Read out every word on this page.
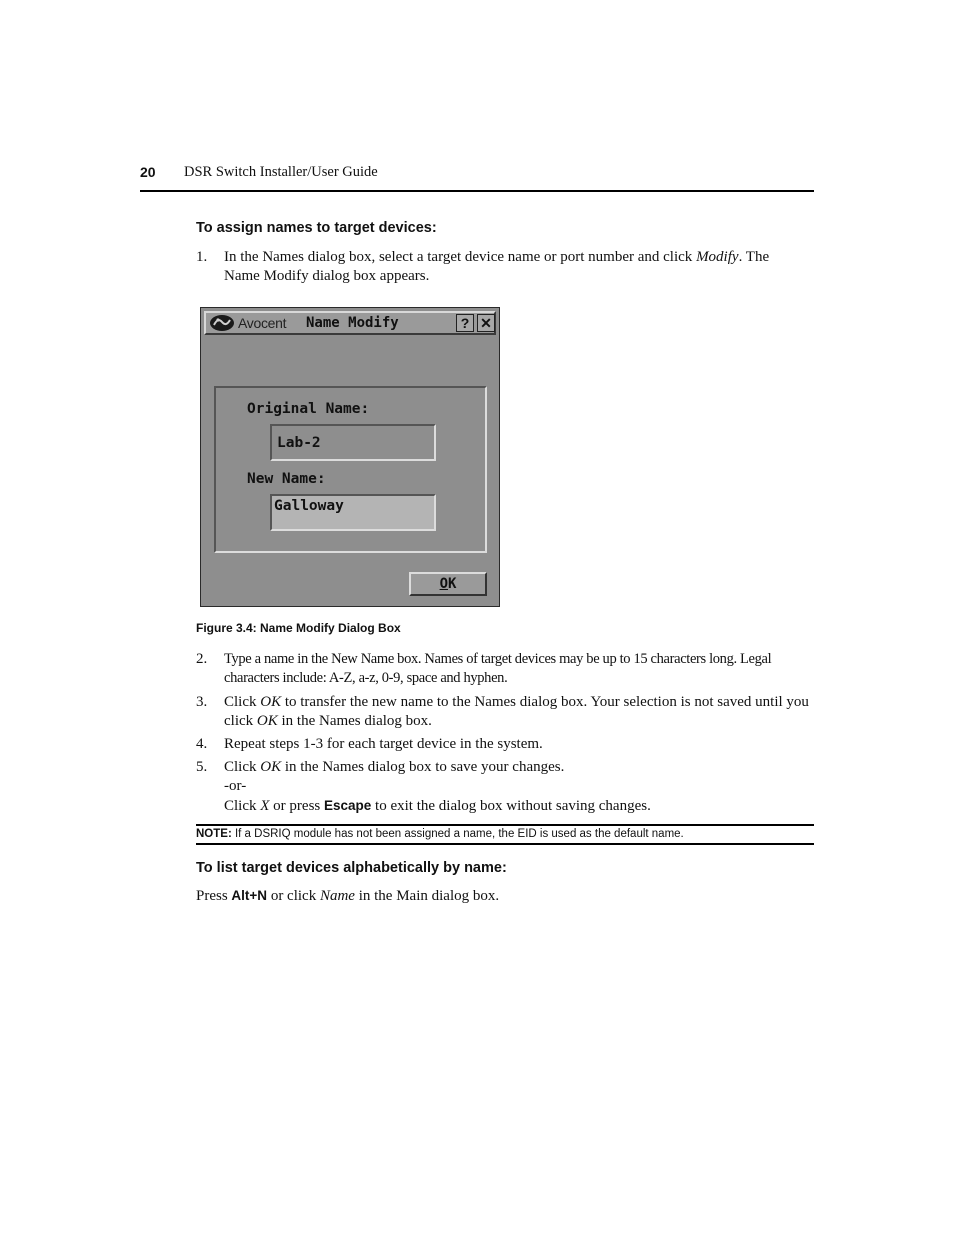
20 DSR Switch Installer/User Guide
To assign names to target devices:
1. In the Names dialog box, select a target device name or port number and click Modify. The Name Modify dialog box appears.
Avocent Name Modify	? ✕
Original Name:
Lab-2
New Name:
Galloway
OK
Figure 3.4: Name Modify Dialog Box
2. Type a name in the New Name box. Names of target devices may be up to 15 characters long. Legal characters include: A-Z, a-z, 0-9, space and hyphen.
3. Click OK to transfer the new name to the Names dialog box. Your selection is not saved until you click OK in the Names dialog box.
4. Repeat steps 1-3 for each target device in the system.
5. Click OK in the Names dialog box to save your changes.
-or-
Click X or press Escape to exit the dialog box without saving changes.
NOTE: If a DSRIQ module has not been assigned a name, the EID is used as the default name.
To list target devices alphabetically by name:
Press Alt+N or click Name in the Main dialog box.
